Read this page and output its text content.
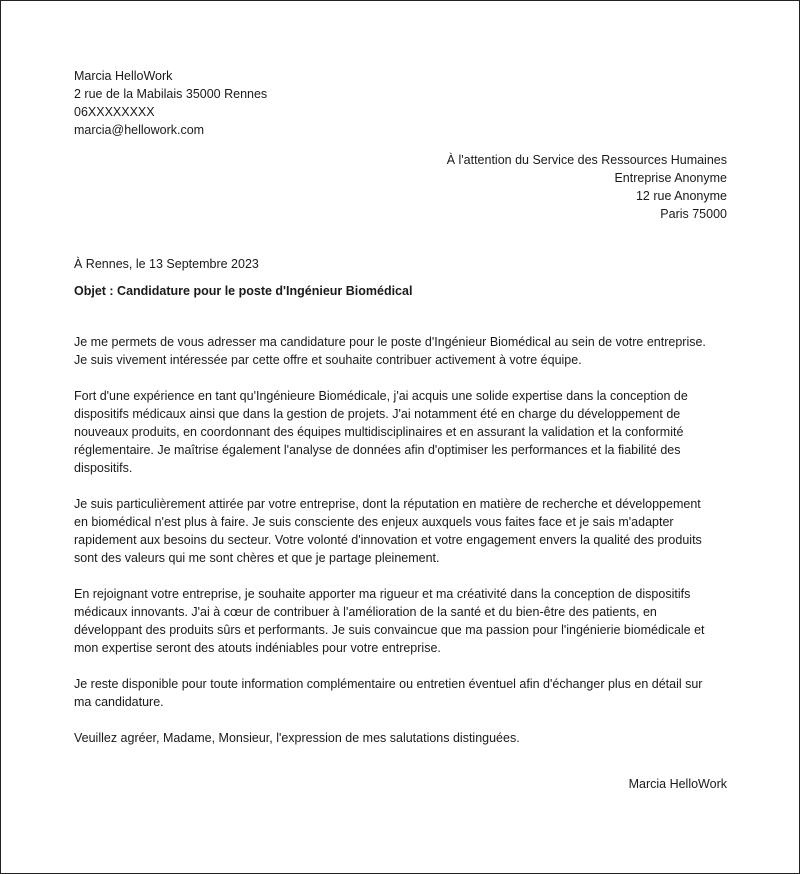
Marcia HelloWork
2 rue de la Mabilais 35000 Rennes
06XXXXXXXX
marcia@hellowork.com
À l'attention du Service des Ressources Humaines
Entreprise Anonyme
12 rue Anonyme
Paris 75000
À Rennes, le 13 Septembre 2023
Objet : Candidature pour le poste d'Ingénieur Biomédical

Je me permets de vous adresser ma candidature pour le poste d'Ingénieur Biomédical au sein de votre entreprise.
Je suis vivement intéressée par cette offre et souhaite contribuer activement à votre équipe.

Fort d'une expérience en tant qu'Ingénieure Biomédicale, j'ai acquis une solide expertise dans la conception de
dispositifs médicaux ainsi que dans la gestion de projets. J'ai notamment été en charge du développement de
nouveaux produits, en coordonnant des équipes multidisciplinaires et en assurant la validation et la conformité
réglementaire. Je maîtrise également l'analyse de données afin d'optimiser les performances et la fiabilité des
dispositifs.

Je suis particulièrement attirée par votre entreprise, dont la réputation en matière de recherche et développement
en biomédical n'est plus à faire. Je suis consciente des enjeux auxquels vous faites face et je sais m'adapter
rapidement aux besoins du secteur. Votre volonté d'innovation et votre engagement envers la qualité des produits
sont des valeurs qui me sont chères et que je partage pleinement.

En rejoignant votre entreprise, je souhaite apporter ma rigueur et ma créativité dans la conception de dispositifs
médicaux innovants. J'ai à cœur de contribuer à l'amélioration de la santé et du bien-être des patients, en
développant des produits sûrs et performants. Je suis convaincue que ma passion pour l'ingénierie biomédicale et
mon expertise seront des atouts indéniables pour votre entreprise.

Je reste disponible pour toute information complémentaire ou entretien éventuel afin d'échanger plus en détail sur
ma candidature.

Veuillez agréer, Madame, Monsieur, l'expression de mes salutations distinguées.

Marcia HelloWork
